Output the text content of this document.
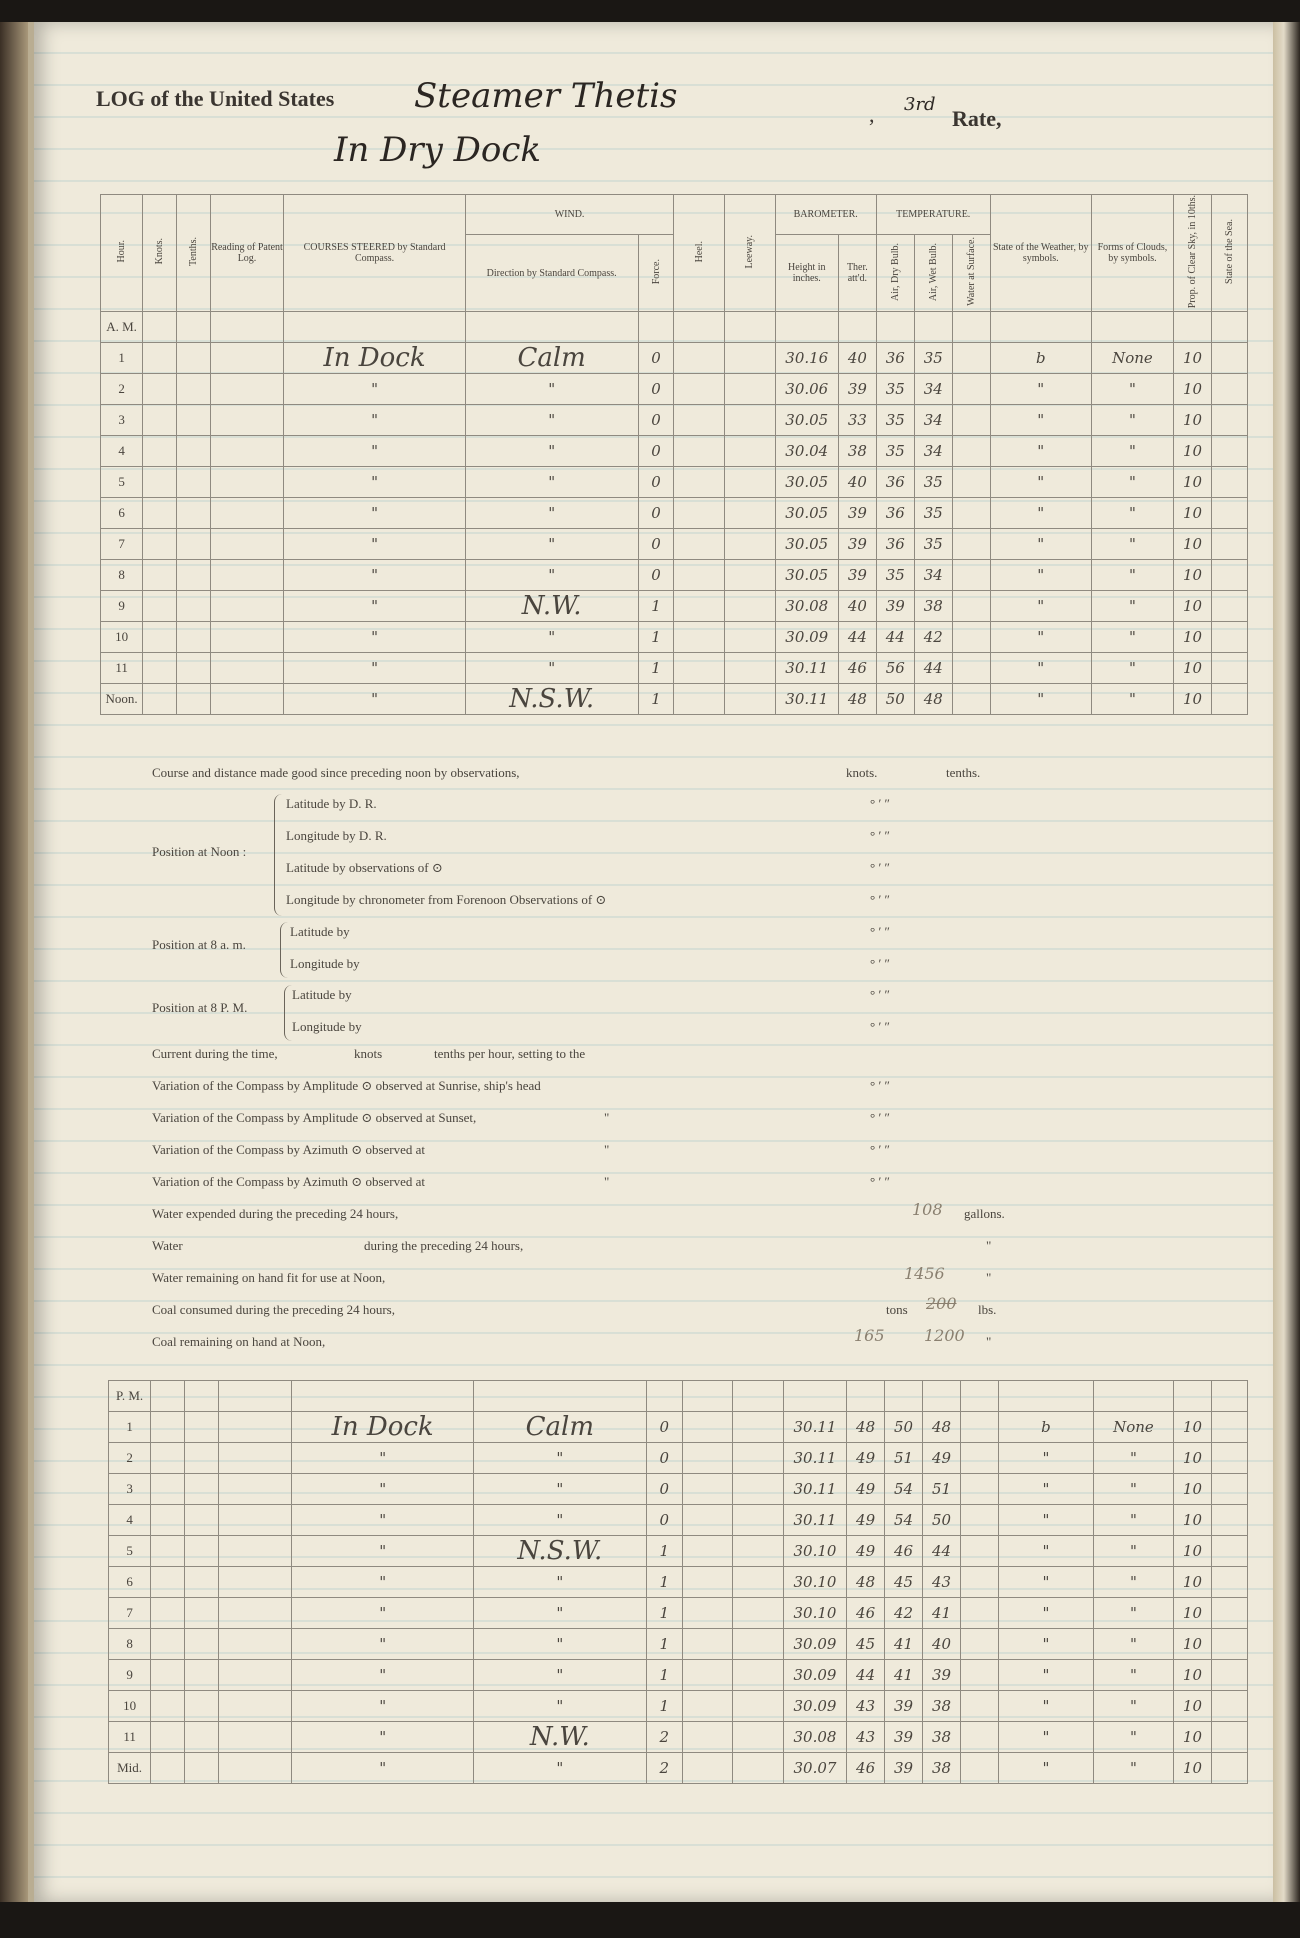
LOG of the United States Steamer Thetis
In Dry Dock
, 3rd
Rate,
Hour.	Knots.	Tenths.	Reading of Patent Log.	COURSES STEERED by Standard Compass.	WIND.		Heel.	Leeway.	BAROMETER.		TEMPERATURE.			State of the Weather, by symbols.	Forms of Clouds, by symbols.	Prop. of Clear Sky, in 10ths.	State of the Sea.
					Direction by Standard Compass.	Force.			Height in inches.	Ther. att'd.	Air, Dry Bulb.	Air, Wet Bulb.	Water at Surface.				
A. M.																	
1				In Dock	Calm	0			30.16	40	36	35		b	None	10	
2				"	"	0			30.06	39	35	34		"	"	10	
3				"	"	0			30.05	33	35	34		"	"	10	
4				"	"	0			30.04	38	35	34		"	"	10	
5				"	"	0			30.05	40	36	35		"	"	10	
6				"	"	0			30.05	39	36	35		"	"	10	
7				"	"	0			30.05	39	36	35		"	"	10	
8				"	"	0			30.05	39	35	34		"	"	10	
9				"	N.W.	1			30.08	40	39	38		"	"	10	
10				"	"	1			30.09	44	44	42		"	"	10	
11				"	"	1			30.11	46	56	44		"	"	10	
Noon.				"	N.S.W.	1			30.11	48	50	48		"	"	10	
Course and distance made good since preceding noon by observations,	knots.	tenths.
Position at Noon :
Latitude by D. R.
Longitude by D. R.
Latitude by observations of ⊙
Longitude by chronometer from Forenoon Observations of ⊙
Position at 8 a. m.
Latitude by
Longitude by
Position at 8 P. M.
Latitude by
Longitude by
Current during the time,	knots	tenths per hour, setting to the
Variation of the Compass by Amplitude ⊙ observed at Sunrise, ship's head
Variation of the Compass by Amplitude ⊙ observed at Sunset,
Variation of the Compass by Azimuth ⊙ observed at
Variation of the Compass by Azimuth ⊙ observed at
"
"
"
° ′ ″
° ′ ″
° ′ ″
° ′ ″
° ′ ″
° ′ ″
° ′ ″
° ′ ″
° ′ ″
° ′ ″
° ′ ″
° ′ ″
Water expended during the preceding 24 hours,	108 gallons.
Water	during the preceding 24 hours,	"
Water remaining on hand fit for use at Noon,	1456	"
Coal consumed during the preceding 24 hours,	tons 200 lbs.
Coal remaining on hand at Noon,	165 1200 "
P. M.																	
1				In Dock	Calm	0			30.11	48	50	48		b	None	10	
2				"	"	0			30.11	49	51	49		"	"	10	
3				"	"	0			30.11	49	54	51		"	"	10	
4				"	"	0			30.11	49	54	50		"	"	10	
5				"	N.S.W.	1			30.10	49	46	44		"	"	10	
6				"	"	1			30.10	48	45	43		"	"	10	
7				"	"	1			30.10	46	42	41		"	"	10	
8				"	"	1			30.09	45	41	40		"	"	10	
9				"	"	1			30.09	44	41	39		"	"	10	
10				"	"	1			30.09	43	39	38		"	"	10	
11				"	N.W.	2			30.08	43	39	38		"	"	10	
Mid.				"	"	2			30.07	46	39	38		"	"	10	
